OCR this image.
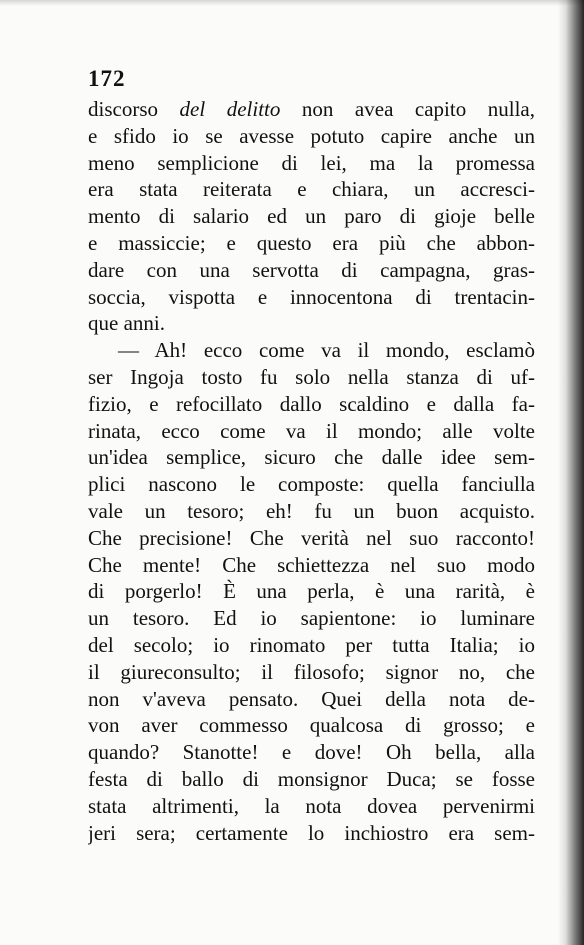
172
discorso del delitto non avea capito nulla,
e sfido io se avesse potuto capire anche un
meno semplicione di lei, ma la promessa
era stata reiterata e chiara, un accresci-
mento di salario ed un paro di gioje belle
e massiccie; e questo era più che abbon-
dare con una servotta di campagna, gras-
soccia, vispotta e innocentona di trentacin-
que anni.
— Ah! ecco come va il mondo, esclamò
ser Ingoja tosto fu solo nella stanza di uf-
fizio, e refocillato dallo scaldino e dalla fa-
rinata, ecco come va il mondo; alle volte
un'idea semplice, sicuro che dalle idee sem-
plici nascono le composte: quella fanciulla
vale un tesoro; eh! fu un buon acquisto.
Che precisione! Che verità nel suo racconto!
Che mente! Che schiettezza nel suo modo
di porgerlo! È una perla, è una rarità, è
un tesoro. Ed io sapientone: io luminare
del secolo; io rinomato per tutta Italia; io
il giureconsulto; il filosofo; signor no, che
non v'aveva pensato. Quei della nota de-
von aver commesso qualcosa di grosso; e
quando? Stanotte! e dove! Oh bella, alla
festa di ballo di monsignor Duca; se fosse
stata altrimenti, la nota dovea pervenirmi
jeri sera; certamente lo inchiostro era sem-
